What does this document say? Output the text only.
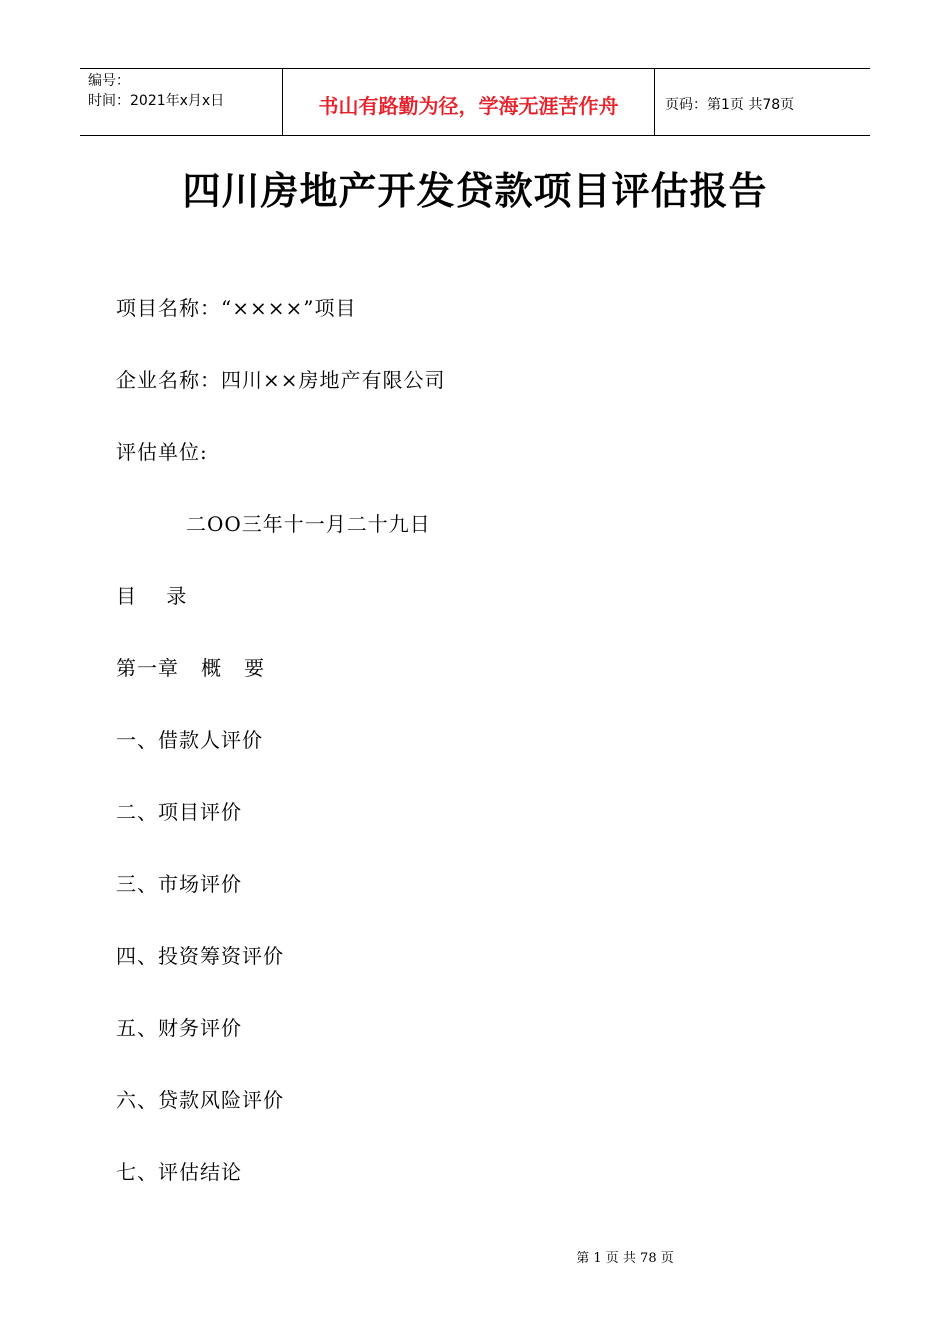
编号：
时间：2021年x月x日	书山有路勤为径，学海无涯苦作舟	页码：第1页 共78页
四川房地产开发贷款项目评估报告
项目名称：“××××”项目
企业名称：四川××房地产有限公司
评估单位:
二OO三年十一月二十九日
目    录
第一章   概   要
一、借款人评价
二、项目评价
三、市场评价
四、投资筹资评价
五、财务评价
六、贷款风险评价
七、评估结论
第 1 页 共 78 页
